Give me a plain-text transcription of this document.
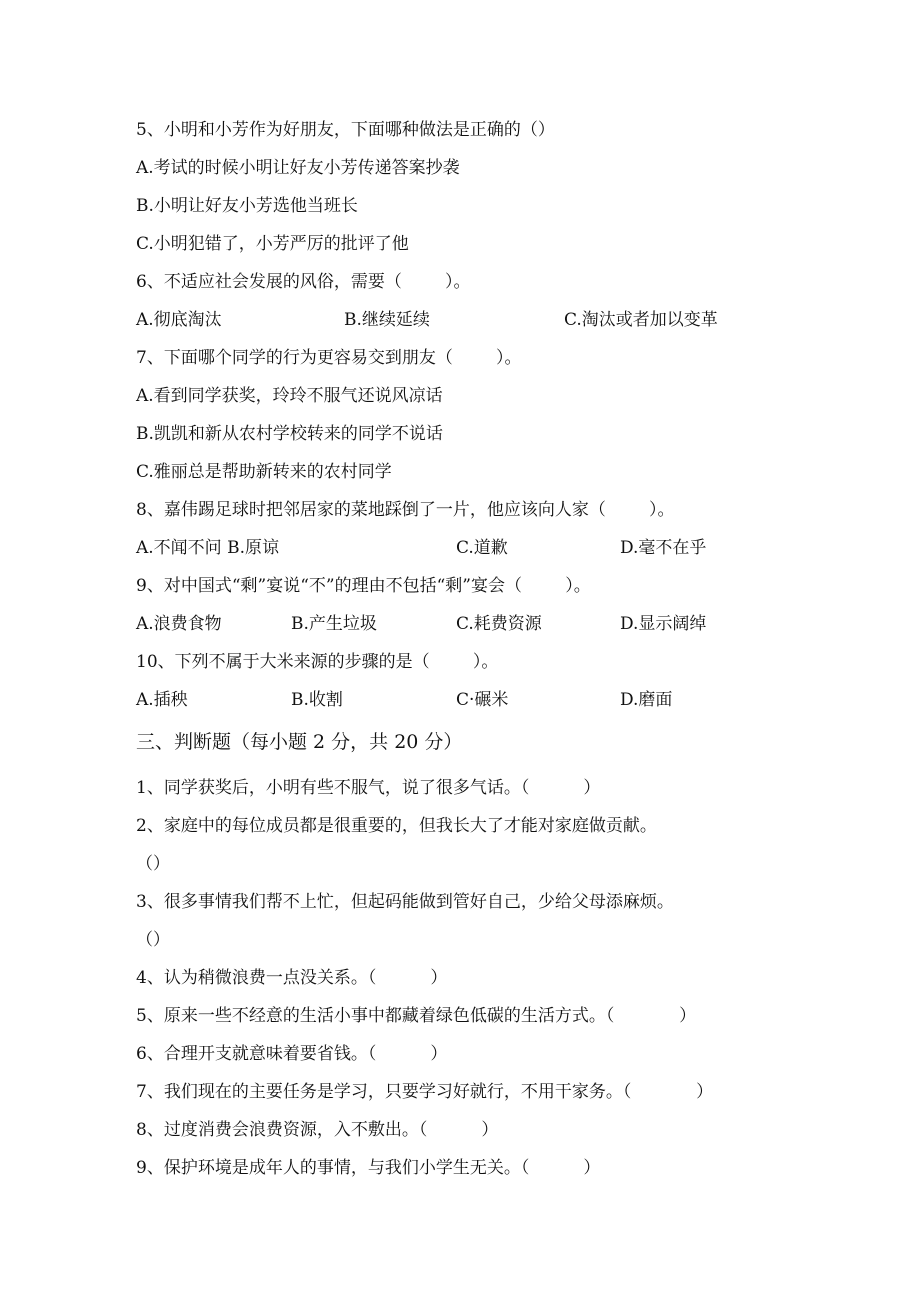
5、小明和小芳作为好朋友，下面哪种做法是正确的（）
A.考试的时候小明让好友小芳传递答案抄袭
B.小明让好友小芳选他当班长
C.小明犯错了，小芳严厉的批评了他
6、不适应社会发展的风俗，需要（        ）。
A.彻底淘汰	B.继续延续	C.淘汰或者加以变革
7、下面哪个同学的行为更容易交到朋友（        ）。
A.看到同学获奖，玲玲不服气还说风凉话
B.凯凯和新从农村学校转来的同学不说话
C.雅丽总是帮助新转来的农村同学
8、嘉伟踢足球时把邻居家的菜地踩倒了一片，他应该向人家（        ）。
A.不闻不问 B.原谅	C.道歉	D.毫不在乎
9、对中国式“剩”宴说“不”的理由不包括“剩”宴会（        ）。
A.浪费食物	B.产生垃圾	C.耗费资源	D.显示阔绰
10、下列不属于大米来源的步骤的是（        ）。
A.插秧	B.收割	C·碾米	D.磨面
三、判断题（每小题 2 分，共 20 分）
1、同学获奖后，小明有些不服气，说了很多气话。（          ）
2、家庭中的每位成员都是很重要的，但我长大了才能对家庭做贡献。
（）
3、很多事情我们帮不上忙，但起码能做到管好自己，少给父母添麻烦。
（）
4、认为稍微浪费一点没关系。（          ）
5、原来一些不经意的生活小事中都藏着绿色低碳的生活方式。（            ）
6、合理开支就意味着要省钱。（          ）
7、我们现在的主要任务是学习，只要学习好就行，不用干家务。（            ）
8、过度消费会浪费资源，入不敷出。（          ）
9、保护环境是成年人的事情，与我们小学生无关。（          ）
